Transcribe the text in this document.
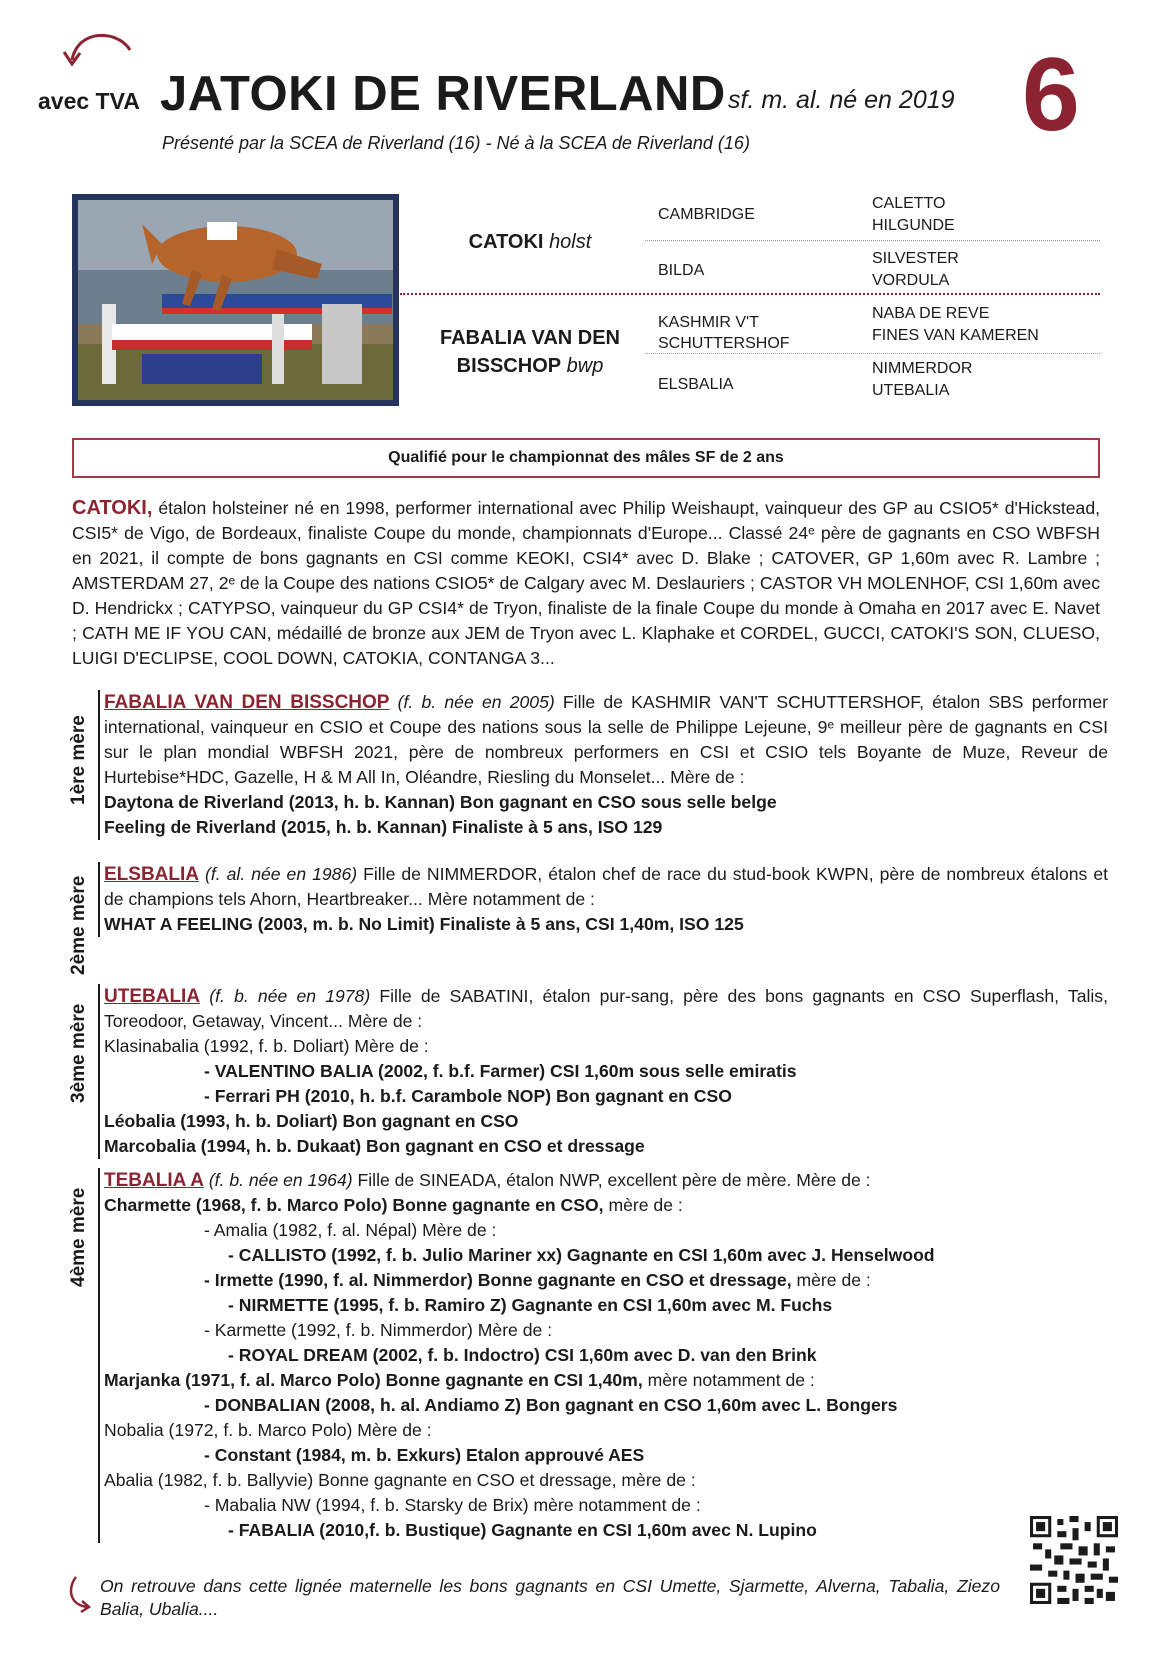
avec TVA JATOKI DE RIVERLAND sf. m. al. né en 2019 6
Présenté par la SCEA de Riverland (16) - Né à la SCEA de Riverland (16)
CATOKI holst
FABALIA VAN DEN
BISSCHOP bwp
CAMBRIDGE
BILDA
KASHMIR V'T
SCHUTTERSHOF
ELSBALIA
CALETTO
HILGUNDE
SILVESTER
VORDULA
NABA DE REVE
FINES VAN KAMEREN
NIMMERDOR
UTEBALIA
Qualifié pour le championnat des mâles SF de 2 ans
CATOKI, étalon holsteiner né en 1998, performer international avec Philip Weishaupt, vainqueur des GP au CSIO5* d'Hickstead, CSI5* de Vigo, de Bordeaux, finaliste Coupe du monde, championnats d'Europe... Classé 24ᵉ père de gagnants en CSO WBFSH en 2021, il compte de bons gagnants en CSI comme KEOKI, CSI4* avec D. Blake ; CATOVER, GP 1,60m avec R. Lambre ; AMSTERDAM 27, 2ᵉ de la Coupe des nations CSIO5* de Calgary avec M. Deslauriers ; CASTOR VH MOLENHOF, CSI 1,60m avec D. Hendrickx ; CATYPSO, vainqueur du GP CSI4* de Tryon, finaliste de la finale Coupe du monde à Omaha en 2017 avec E. Navet ; CATH ME IF YOU CAN, médaillé de bronze aux JEM de Tryon avec L. Klaphake et CORDEL, GUCCI, CATOKI'S SON, CLUESO, LUIGI D'ECLIPSE, COOL DOWN, CATOKIA, CONTANGA 3...
1ère mère
FABALIA VAN DEN BISSCHOP (f. b. née en 2005) Fille de KASHMIR VAN'T SCHUTTERSHOF, étalon SBS performer international, vainqueur en CSIO et Coupe des nations sous la selle de Philippe Lejeune, 9ᵉ meilleur père de gagnants en CSI sur le plan mondial WBFSH 2021, père de nombreux performers en CSI et CSIO tels Boyante de Muze, Reveur de Hurtebise*HDC, Gazelle, H & M All In, Oléandre, Riesling du Monselet... Mère de :
Daytona de Riverland (2013, h. b. Kannan) Bon gagnant en CSO sous selle belge
Feeling de Riverland (2015, h. b. Kannan) Finaliste à 5 ans, ISO 129
2ème mère
ELSBALIA (f. al. née en 1986) Fille de NIMMERDOR, étalon chef de race du stud-book KWPN, père de nombreux étalons et de champions tels Ahorn, Heartbreaker... Mère notamment de :
WHAT A FEELING (2003, m. b. No Limit) Finaliste à 5 ans, CSI 1,40m, ISO 125
3ème mère
UTEBALIA (f. b. née en 1978) Fille de SABATINI, étalon pur-sang, père des bons gagnants en CSO Superflash, Talis, Toreodoor, Getaway, Vincent... Mère de :
Klasinabalia (1992, f. b. Doliart) Mère de :
- VALENTINO BALIA (2002, f. b.f. Farmer) CSI 1,60m sous selle emiratis
- Ferrari PH (2010, h. b.f. Carambole NOP) Bon gagnant en CSO
Léobalia (1993, h. b. Doliart) Bon gagnant en CSO
Marcobalia (1994, h. b. Dukaat) Bon gagnant en CSO et dressage
4ème mère
TEBALIA A (f. b. née en 1964) Fille de SINEADA, étalon NWP, excellent père de mère. Mère de :
Charmette (1968, f. b. Marco Polo) Bonne gagnante en CSO, mère de :
- Amalia (1982, f. al. Népal) Mère de :
- CALLISTO (1992, f. b. Julio Mariner xx) Gagnante en CSI 1,60m avec J. Henselwood
- Irmette (1990, f. al. Nimmerdor) Bonne gagnante en CSO et dressage, mère de :
- NIRMETTE (1995, f. b. Ramiro Z) Gagnante en CSI 1,60m avec M. Fuchs
- Karmette (1992, f. b. Nimmerdor) Mère de :
- ROYAL DREAM (2002, f. b. Indoctro) CSI 1,60m avec D. van den Brink
Marjanka (1971, f. al. Marco Polo) Bonne gagnante en CSI 1,40m, mère notamment de :
- DONBALIAN (2008, h. al. Andiamo Z) Bon gagnant en CSO 1,60m avec L. Bongers
Nobalia (1972, f. b. Marco Polo) Mère de :
- Constant (1984, m. b. Exkurs) Etalon approuvé AES
Abalia (1982, f. b. Ballyvie) Bonne gagnante en CSO et dressage, mère de :
- Mabalia NW (1994, f. b. Starsky de Brix) mère notamment de :
- FABALIA (2010,f. b. Bustique) Gagnante en CSI 1,60m avec N. Lupino
On retrouve dans cette lignée maternelle les bons gagnants en CSI Umette, Sjarmette, Alverna, Tabalia, Ziezo Balia, Ubalia....
